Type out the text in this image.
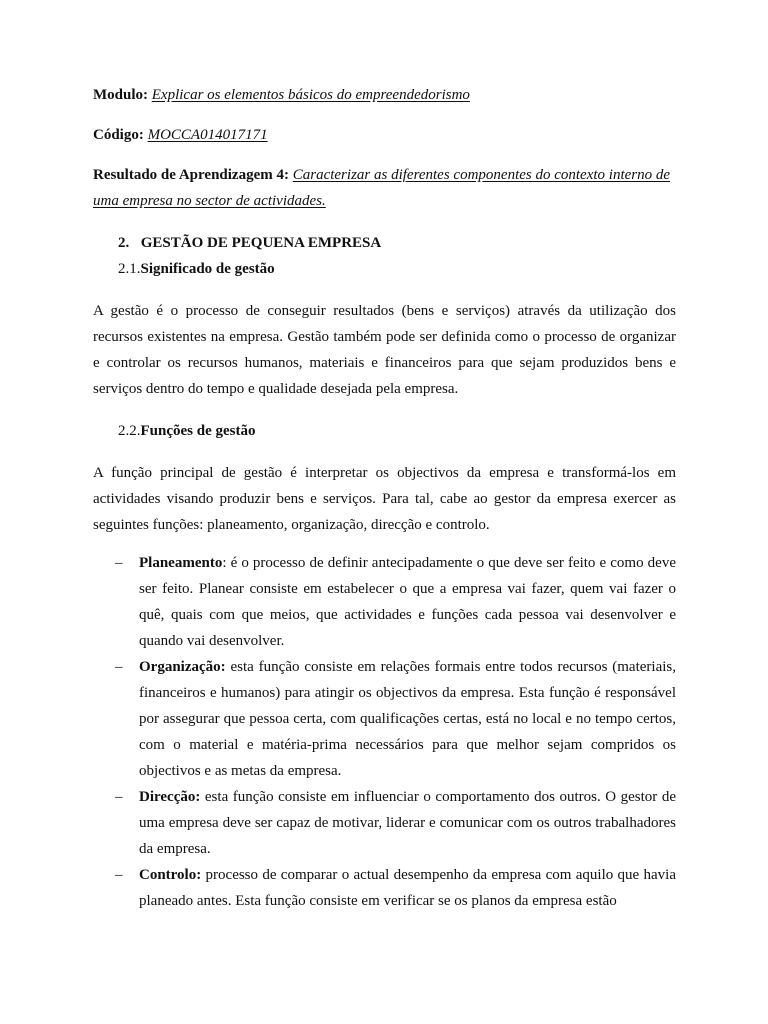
Modulo: Explicar os elementos básicos do empreendedorismo

Código: MOCCA014017171

Resultado de Aprendizagem 4: Caracterizar as diferentes componentes do contexto interno de uma empresa no sector de actividades.

2. GESTÃO DE PEQUENA EMPRESA
2.1.Significado de gestão

A gestão é o processo de conseguir resultados (bens e serviços) através da utilização dos recursos existentes na empresa. Gestão também pode ser definida como o processo de organizar e controlar os recursos humanos, materiais e financeiros para que sejam produzidos bens e serviços dentro do tempo e qualidade desejada pela empresa.

2.2.Funções de gestão

A função principal de gestão é interpretar os objectivos da empresa e transformá-los em actividades visando produzir bens e serviços. Para tal, cabe ao gestor da empresa exercer as seguintes funções: planeamento, organização, direcção e controlo.

– Planeamento: é o processo de definir antecipadamente o que deve ser feito e como deve ser feito. Planear consiste em estabelecer o que a empresa vai fazer, quem vai fazer o quê, quais com que meios, que actividades e funções cada pessoa vai desenvolver e quando vai desenvolver.
– Organização: esta função consiste em relações formais entre todos recursos (materiais, financeiros e humanos) para atingir os objectivos da empresa. Esta função é responsável por assegurar que pessoa certa, com qualificações certas, está no local e no tempo certos, com o material e matéria-prima necessários para que melhor sejam compridos os objectivos e as metas da empresa.
– Direcção: esta função consiste em influenciar o comportamento dos outros. O gestor de uma empresa deve ser capaz de motivar, liderar e comunicar com os outros trabalhadores da empresa.
– Controlo: processo de comparar o actual desempenho da empresa com aquilo que havia planeado antes. Esta função consiste em verificar se os planos da empresa estão
